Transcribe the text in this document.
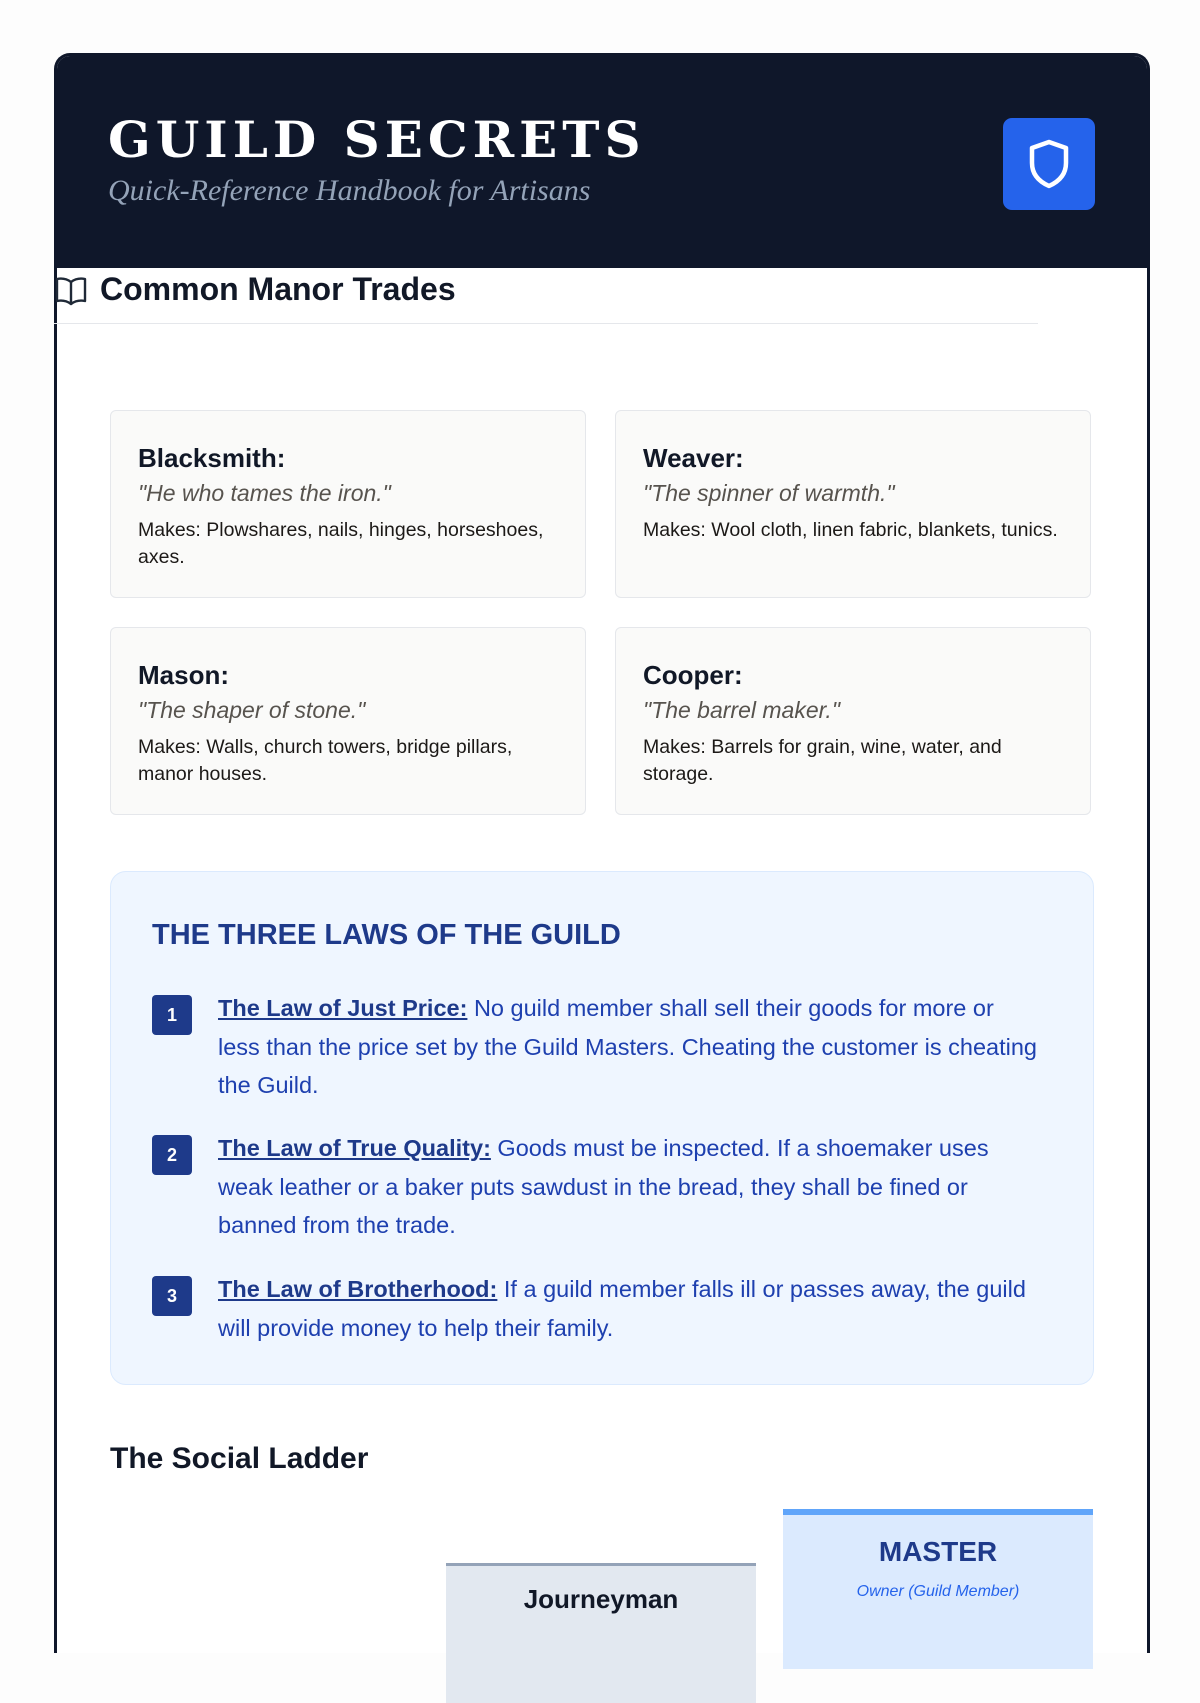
GUILD SECRETS
Quick-Reference Handbook for Artisans
Common Manor Trades
Blacksmith:
"He who tames the iron."
Makes: Plowshares, nails, hinges, horseshoes, axes.
Weaver:
"The spinner of warmth."
Makes: Wool cloth, linen fabric, blankets, tunics.
Mason:
"The shaper of stone."
Makes: Walls, church towers, bridge pillars, manor houses.
Cooper:
"The barrel maker."
Makes: Barrels for grain, wine, water, and storage.
THE THREE LAWS OF THE GUILD
1	The Law of Just Price: No guild member shall sell their goods for more or less than the price set by the Guild Masters. Cheating the customer is cheating the Guild.
2	The Law of True Quality: Goods must be inspected. If a shoemaker uses weak leather or a baker puts sawdust in the bread, they shall be fined or banned from the trade.
3	The Law of Brotherhood: If a guild member falls ill or passes away, the guild will provide money to help their family.
The Social Ladder
Journeyman
MASTER
Owner (Guild Member)
